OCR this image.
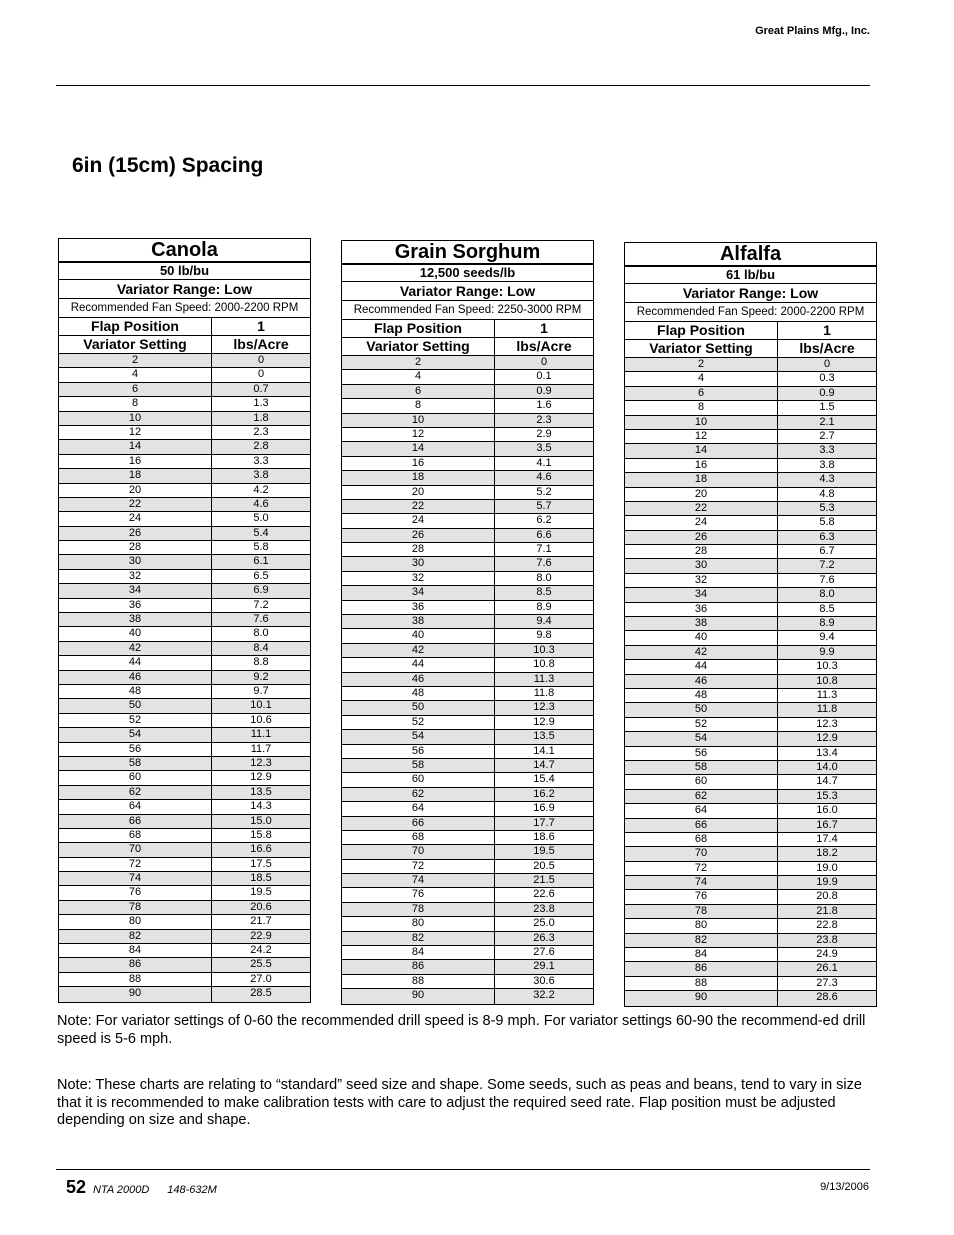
Great Plains Mfg., Inc.
6in (15cm) Spacing
Canola
50 lb/bu
Variator Range: Low
Recommended Fan Speed: 2000-2200 RPM
Flap Position	1
Variator Setting	lbs/Acre
2	0
4	0
6	0.7
8	1.3
10	1.8
12	2.3
14	2.8
16	3.3
18	3.8
20	4.2
22	4.6
24	5.0
26	5.4
28	5.8
30	6.1
32	6.5
34	6.9
36	7.2
38	7.6
40	8.0
42	8.4
44	8.8
46	9.2
48	9.7
50	10.1
52	10.6
54	11.1
56	11.7
58	12.3
60	12.9
62	13.5
64	14.3
66	15.0
68	15.8
70	16.6
72	17.5
74	18.5
76	19.5
78	20.6
80	21.7
82	22.9
84	24.2
86	25.5
88	27.0
90	28.5
Grain Sorghum
12,500 seeds/lb
Variator Range: Low
Recommended Fan Speed: 2250-3000 RPM
Flap Position	1
Variator Setting	lbs/Acre
2	0
4	0.1
6	0.9
8	1.6
10	2.3
12	2.9
14	3.5
16	4.1
18	4.6
20	5.2
22	5.7
24	6.2
26	6.6
28	7.1
30	7.6
32	8.0
34	8.5
36	8.9
38	9.4
40	9.8
42	10.3
44	10.8
46	11.3
48	11.8
50	12.3
52	12.9
54	13.5
56	14.1
58	14.7
60	15.4
62	16.2
64	16.9
66	17.7
68	18.6
70	19.5
72	20.5
74	21.5
76	22.6
78	23.8
80	25.0
82	26.3
84	27.6
86	29.1
88	30.6
90	32.2
Alfalfa
61 lb/bu
Variator Range: Low
Recommended Fan Speed: 2000-2200 RPM
Flap Position	1
Variator Setting	lbs/Acre
2	0
4	0.3
6	0.9
8	1.5
10	2.1
12	2.7
14	3.3
16	3.8
18	4.3
20	4.8
22	5.3
24	5.8
26	6.3
28	6.7
30	7.2
32	7.6
34	8.0
36	8.5
38	8.9
40	9.4
42	9.9
44	10.3
46	10.8
48	11.3
50	11.8
52	12.3
54	12.9
56	13.4
58	14.0
60	14.7
62	15.3
64	16.0
66	16.7
68	17.4
70	18.2
72	19.0
74	19.9
76	20.8
78	21.8
80	22.8
82	23.8
84	24.9
86	26.1
88	27.3
90	28.6
Note: For variator settings of 0-60 the recommended drill speed is 8-9 mph. For variator settings 60-90 the recommend-ed drill speed is 5-6 mph.
Note: These charts are relating to “standard” seed size and shape. Some seeds, such as peas and beans, tend to vary in size that it is recommended to make calibration tests with care to adjust the required seed rate. Flap position must be adjusted depending on size and shape.
52 NTA 2000D 148-632M	9/13/2006
